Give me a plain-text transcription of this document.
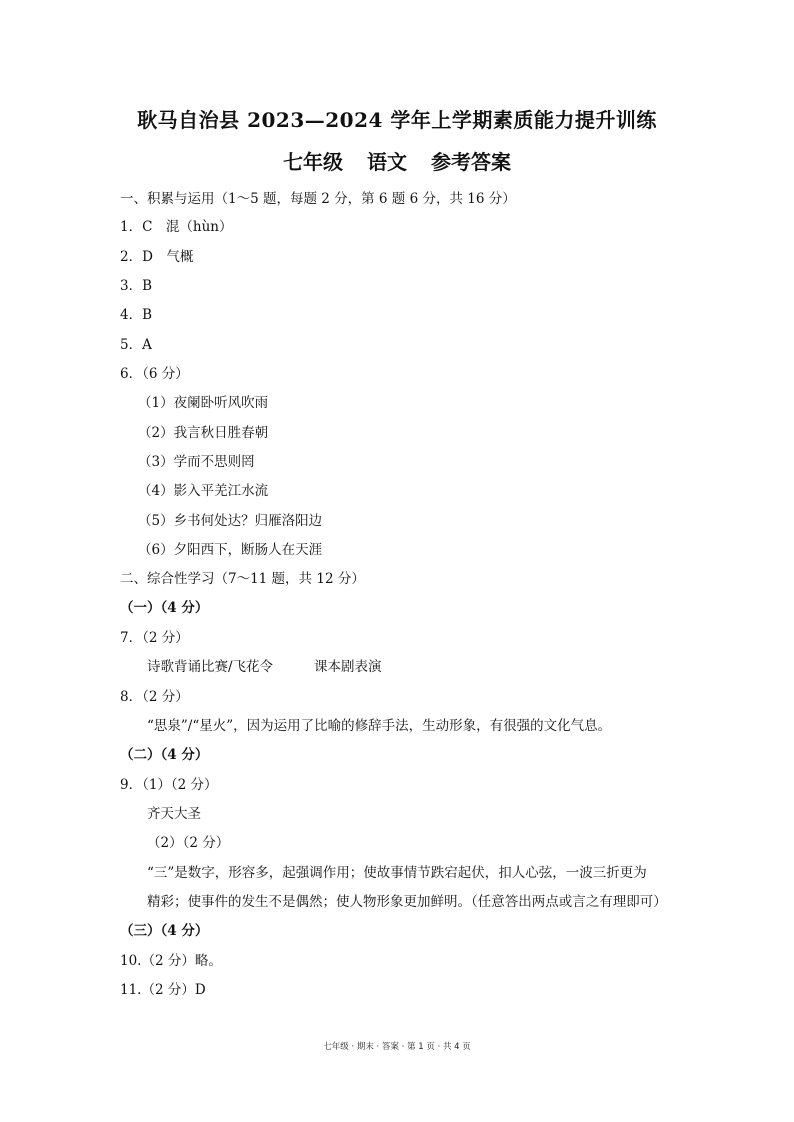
耿马自治县 2023—2024 学年上学期素质能力提升训练
七年级 语文 参考答案
一、积累与运用（1～5 题，每题 2 分，第 6 题 6 分，共 16 分）
1．C　混（hùn）
2．D　气概
3．B
4．B
5．A
6．（6 分）
（1）夜阑卧听风吹雨
（2）我言秋日胜春朝
（3）学而不思则罔
（4）影入平羌江水流
（5）乡书何处达？归雁洛阳边
（6）夕阳西下，断肠人在天涯
二、综合性学习（7～11 题，共 12 分）
（一）（4 分）
7．（2 分）
诗歌背诵比赛/飞花令	课本剧表演
8．（2 分）
“思泉”/“星火”，因为运用了比喻的修辞手法，生动形象，有很强的文化气息。
（二）（4 分）
9．（1）（2 分）
齐天大圣
（2）（2 分）
“三”是数字，形容多，起强调作用；使故事情节跌宕起伏，扣人心弦，一波三折更为
精彩；使事件的发生不是偶然；使人物形象更加鲜明。（任意答出两点或言之有理即可）
（三）（4 分）
10.（2 分）略。
11.（2 分）D
七年级 · 期末 · 答案 · 第 1 页 · 共 4 页
